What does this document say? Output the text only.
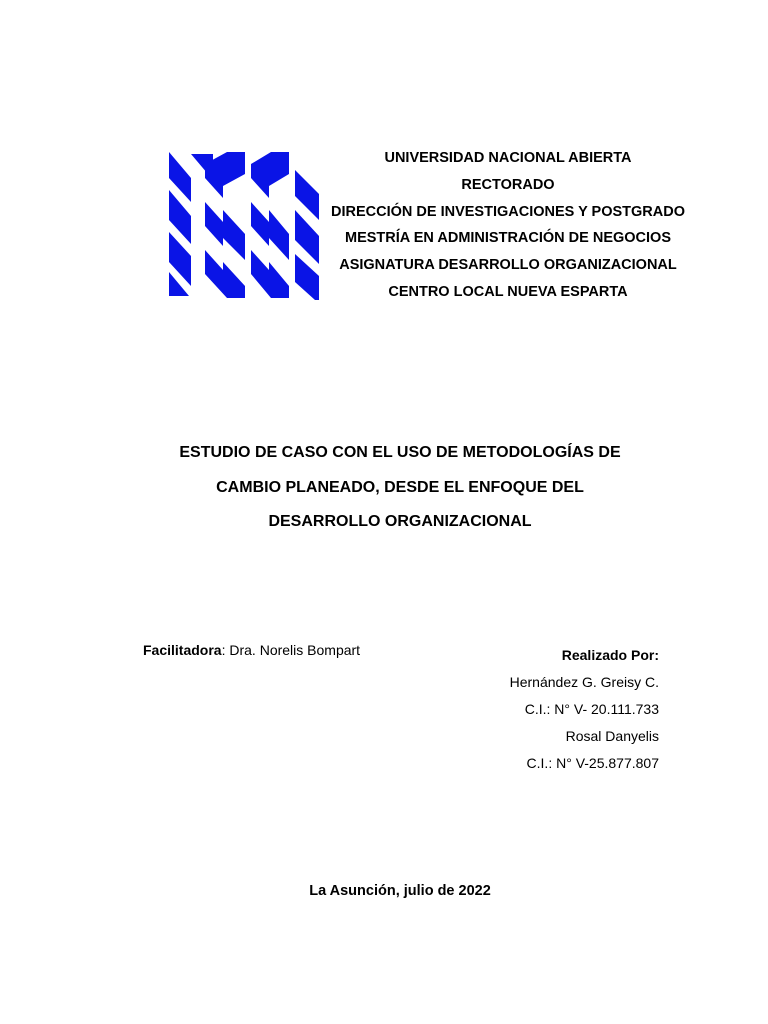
UNIVERSIDAD NACIONAL ABIERTA
RECTORADO
DIRECCIÓN DE INVESTIGACIONES Y POSTGRADO
MESTRÍA EN ADMINISTRACIÓN DE NEGOCIOS
ASIGNATURA DESARROLLO ORGANIZACIONAL
CENTRO LOCAL NUEVA ESPARTA
ESTUDIO DE CASO CON EL USO DE METODOLOGÍAS DE
CAMBIO PLANEADO, DESDE EL ENFOQUE DEL
DESARROLLO ORGANIZACIONAL
Facilitadora: Dra. Norelis Bompart	Realizado Por:
Hernández G. Greisy C.
C.I.: N° V- 20.111.733
Rosal Danyelis
C.I.: N° V-25.877.807
La Asunción, julio de 2022
